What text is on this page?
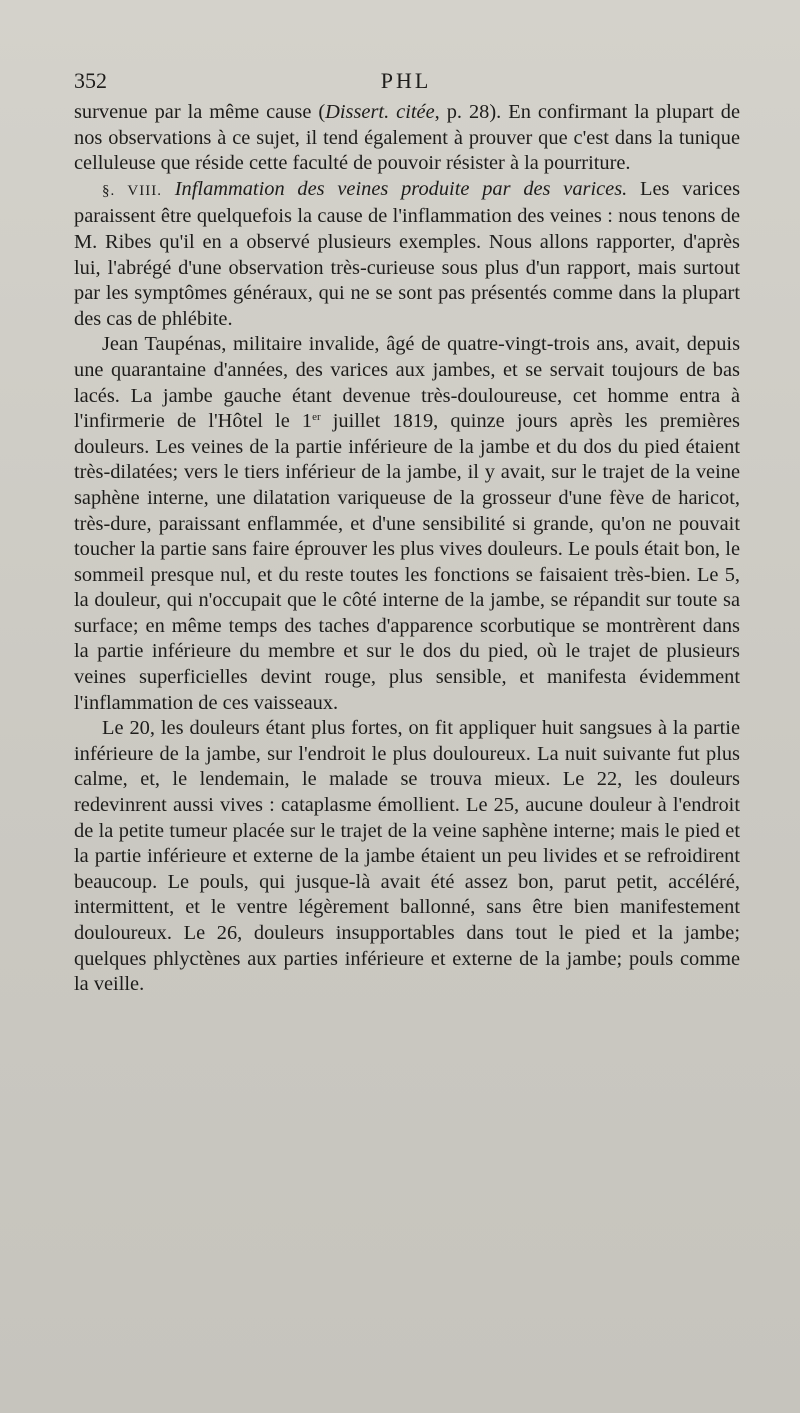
352	PHL

survenue par la même cause (Dissert. citée, p. 28). En confirmant la plupart de nos observations à ce sujet, il tend également à prouver que c'est dans la tunique celluleuse que réside cette faculté de pouvoir résister à la pourriture.

§. VIII. Inflammation des veines produite par des varices. Les varices paraissent être quelquefois la cause de l'inflammation des veines : nous tenons de M. Ribes qu'il en a observé plusieurs exemples. Nous allons rapporter, d'après lui, l'abrégé d'une observation très-curieuse sous plus d'un rapport, mais surtout par les symptômes généraux, qui ne se sont pas présentés comme dans la plupart des cas de phlébite.

Jean Taupénas, militaire invalide, âgé de quatre-vingt-trois ans, avait, depuis une quarantaine d'années, des varices aux jambes, et se servait toujours de bas lacés. La jambe gauche étant devenue très-douloureuse, cet homme entra à l'infirmerie de l'Hôtel le 1er juillet 1819, quinze jours après les premières douleurs. Les veines de la partie inférieure de la jambe et du dos du pied étaient très-dilatées; vers le tiers inférieur de la jambe, il y avait, sur le trajet de la veine saphène interne, une dilatation variqueuse de la grosseur d'une fève de haricot, très-dure, paraissant enflammée, et d'une sensibilité si grande, qu'on ne pouvait toucher la partie sans faire éprouver les plus vives douleurs. Le pouls était bon, le sommeil presque nul, et du reste toutes les fonctions se faisaient très-bien. Le 5, la douleur, qui n'occupait que le côté interne de la jambe, se répandit sur toute sa surface; en même temps des taches d'apparence scorbutique se montrèrent dans la partie inférieure du membre et sur le dos du pied, où le trajet de plusieurs veines superficielles devint rouge, plus sensible, et manifesta évidemment l'inflammation de ces vaisseaux.

Le 20, les douleurs étant plus fortes, on fit appliquer huit sangsues à la partie inférieure de la jambe, sur l'endroit le plus douloureux. La nuit suivante fut plus calme, et, le lendemain, le malade se trouva mieux. Le 22, les douleurs redevinrent aussi vives : cataplasme émollient. Le 25, aucune douleur à l'endroit de la petite tumeur placée sur le trajet de la veine saphène interne; mais le pied et la partie inférieure et externe de la jambe étaient un peu livides et se refroidirent beaucoup. Le pouls, qui jusque-là avait été assez bon, parut petit, accéléré, intermittent, et le ventre légèrement ballonné, sans être bien manifestement douloureux. Le 26, douleurs insupportables dans tout le pied et la jambe; quelques phlyctènes aux parties inférieure et externe de la jambe; pouls comme la veille.
